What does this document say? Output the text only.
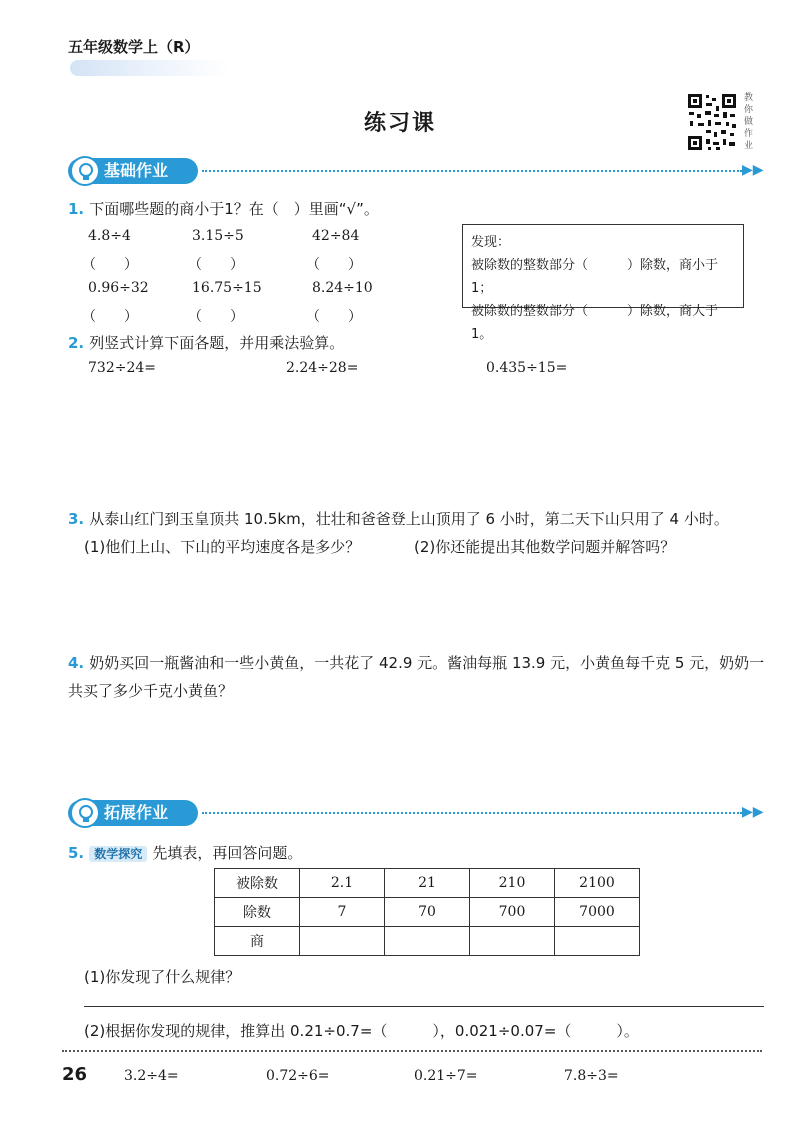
五年级数学上（R）
练习课
教你做作业
基础作业	▶▶
1. 下面哪些题的商小于1？在（　）里画“√”。
4.8÷4	3.15÷5	42÷84
（　　）	（　　）	（　　）
0.96÷32	16.75÷15	8.24÷10
（　　）	（　　）	（　　）
发现：
被除数的整数部分（　　　）除数，商小于1；
被除数的整数部分（　　　）除数，商大于1。
2. 列竖式计算下面各题，并用乘法验算。
732÷24=	2.24÷28=	0.435÷15=
3. 从泰山红门到玉皇顶共 10.5km，壮壮和爸爸登上山顶用了 6 小时，第二天下山只用了 4 小时。
(1)他们上山、下山的平均速度各是多少？	(2)你还能提出其他数学问题并解答吗？
4. 奶奶买回一瓶酱油和一些小黄鱼，一共花了 42.9 元。酱油每瓶 13.9 元，小黄鱼每千克 5 元，奶奶一
共买了多少千克小黄鱼？
拓展作业	▶▶
5. 数学探究 先填表，再回答问题。
被除数	2.1	21	210	2100
除数	7	70	700	7000
商				
(1)你发现了什么规律？
(2)根据你发现的规律，推算出 0.21÷0.7=（　　　），0.021÷0.07=（　　　）。
26	3.2÷4=	0.72÷6=	0.21÷7=	7.8÷3=
